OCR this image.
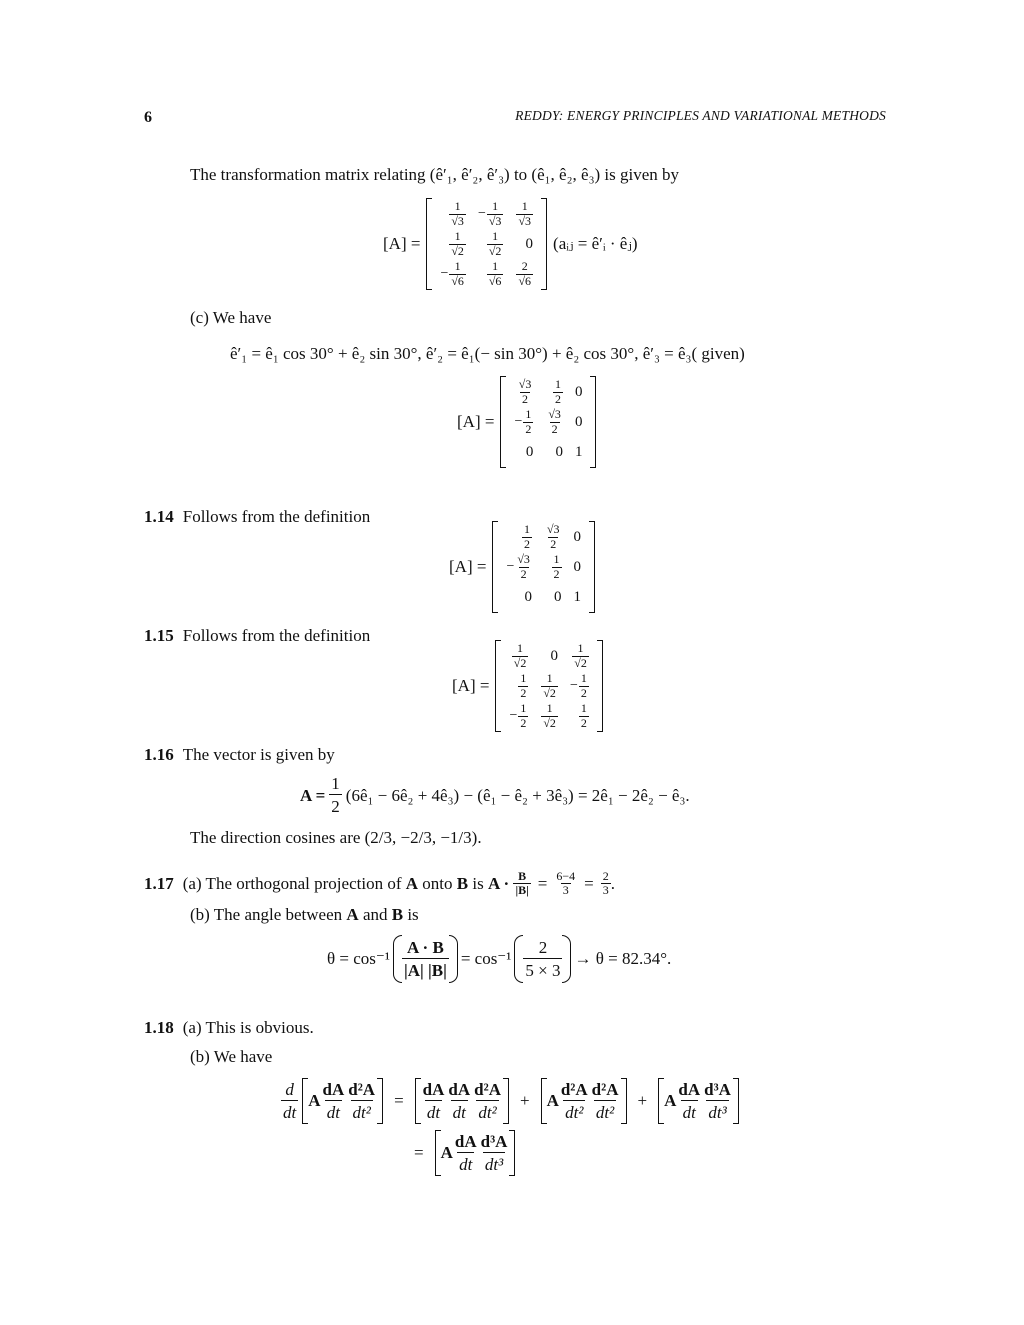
6	REDDY: ENERGY PRINCIPLES AND VARIATIONAL METHODS
The transformation matrix relating (ê′₁, ê′₂, ê′₃) to (ê₁, ê₂, ê₃) is given by
[A] =
$\frac{1}{√3}$	− $\frac{1}{√3}$	$\frac{1}{√3}$

$\frac{1}{√2}$	$\frac{1}{√2}$	0
− $\frac{1}{√6}$	$\frac{1}{√6}$	$\frac{2}{√6}$
(aᵢⱼ = ê′ᵢ · êⱼ)
(c) We have
ê′₁ = ê₁ cos 30° + ê₂ sin 30°, ê′₂ = ê₁(− sin 30°) + ê₂ cos 30°, ê′₃ = ê₃( given)
[A] =
$\frac{√3}{2}$	$\frac{1}{2}$	0
− $\frac{1}{2}$	$\frac{√3}{2}$	0
0	0	1
1.14 Follows from the definition
[A] =
$\frac{1}{2}$	$\frac{√3}{2}$	0
− $\frac{√3}{2}$	$\frac{1}{2}$	0
0	0	1
1.15 Follows from the definition
[A] =
$\frac{1}{√2}$	0	$\frac{1}{√2}$

$\frac{1}{2}$	$\frac{1}{√2}$	− $\frac{1}{2}$

− $\frac{1}{2}$	$\frac{1}{√2}$	$\frac{1}{2}$
1.16 The vector is given by
$A = \frac{1}{2}$ (6ê₁ − 6ê₂ + 4ê₃) − (ê₁ − ê₂ + 3ê₃) = 2ê₁ − 2ê₂ − ê₃.
The direction cosines are (2/3, −2/3, −1/3).
1.17 (a) The orthogonal projection of
A
onto
B
is
A ·
$\frac{B}{|B|} = \frac{6-4}{3} = \frac{2}{3}$ .
(b) The angle between A and B is
$\theta = \cos^{-1} \frac{A \cdot B}{|A| |B|} = \cos^{-1} \frac{2}{5 \times 3} \to \theta = 82.34^\circ$.
1.18 (a) This is obvious.
(b) We have
$\frac{d}{dt}$ A $\frac{dA}{dt} \frac{\text{d²A}}{\text{dt²}} = \frac{dA}{dt} \frac{dA}{dt} \frac{\text{d²A}}{\text{dt²}} + A \frac{\text{d²A}}{\text{dt²}} \frac{\text{d²A}}{\text{dt²}} + A \frac{dA}{dt} \frac{\text{d³A}}{\text{dt³}}$
= A $\frac{dA}{dt} \frac{\text{d³A}}{\text{dt³}}$
